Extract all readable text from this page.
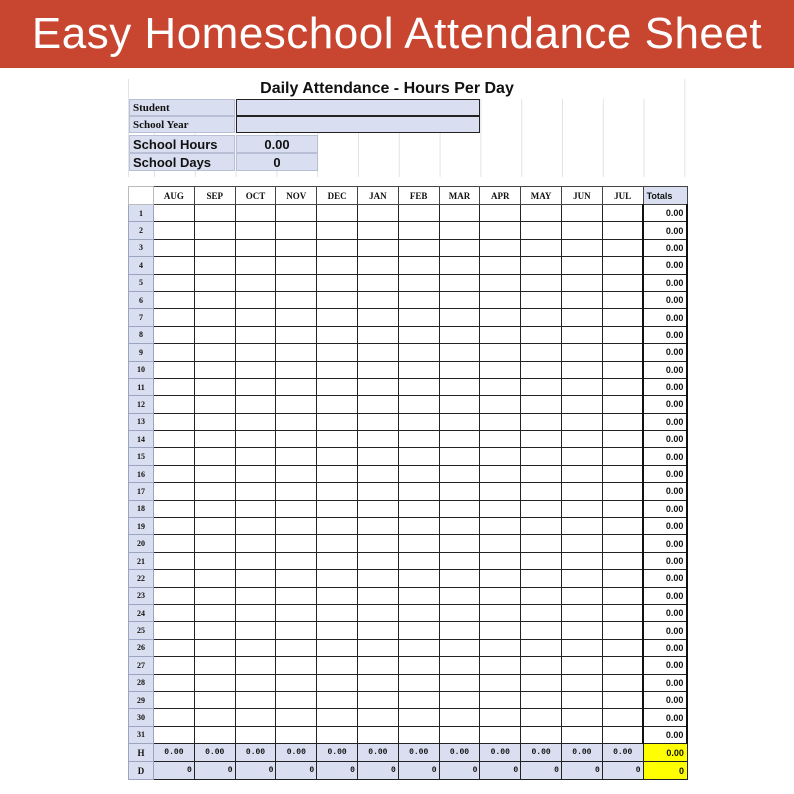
Easy Homeschool Attendance Sheet
Daily Attendance - Hours Per Day
Student
School Year
School Hours	0.00
School Days	0
	AUG	SEP	OCT	NOV	DEC	JAN	FEB	MAR	APR	MAY	JUN	JUL	Totals
1													0.00
2													0.00
3													0.00
4													0.00
5													0.00
6													0.00
7													0.00
8													0.00
9													0.00
10													0.00
11													0.00
12													0.00
13													0.00
14													0.00
15													0.00
16													0.00
17													0.00
18													0.00
19													0.00
20													0.00
21													0.00
22													0.00
23													0.00
24													0.00
25													0.00
26													0.00
27													0.00
28													0.00
29													0.00
30													0.00
31													0.00
H	0.00	0.00	0.00	0.00	0.00	0.00	0.00	0.00	0.00	0.00	0.00	0.00	0.00
D	0	0	0	0	0	0	0	0	0	0	0	0	0
